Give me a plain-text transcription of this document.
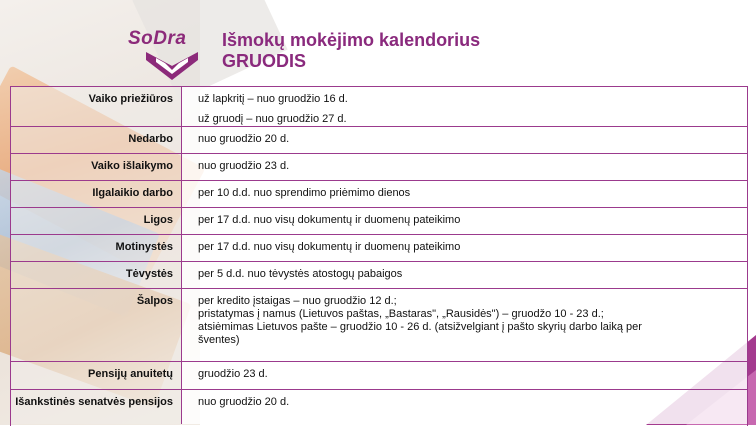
SoDra Išmokų mokėjimo kalendorius
GRUODIS
Vaiko priežiūros	už lapkritį – nuo gruodžio 16 d.
už gruodį – nuo gruodžio 27 d.
Nedarbo	nuo gruodžio 20 d.
Vaiko išlaikymo	nuo gruodžio 23 d.
Ilgalaikio darbo	per 10 d.d. nuo sprendimo priėmimo dienos
Ligos	per 17 d.d. nuo visų dokumentų ir duomenų pateikimo
Motinystės	per 17 d.d. nuo visų dokumentų ir duomenų pateikimo
Tėvystės	per 5 d.d. nuo tėvystės atostogų pabaigos
Šalpos	per kredito įstaigas – nuo gruodžio 12 d.;
pristatymas į namus (Lietuvos paštas, „Bastaras", „Rausidės") – gruodžo 10 - 23 d.;
atsiėmimas Lietuvos pašte – gruodžio 10 - 26 d. (atsižvelgiant į pašto skyrių darbo laiką per
šventes)
Pensijų anuitetų	gruodžio 23 d.
Išankstinės senatvės pensijos	nuo gruodžio 20 d.
